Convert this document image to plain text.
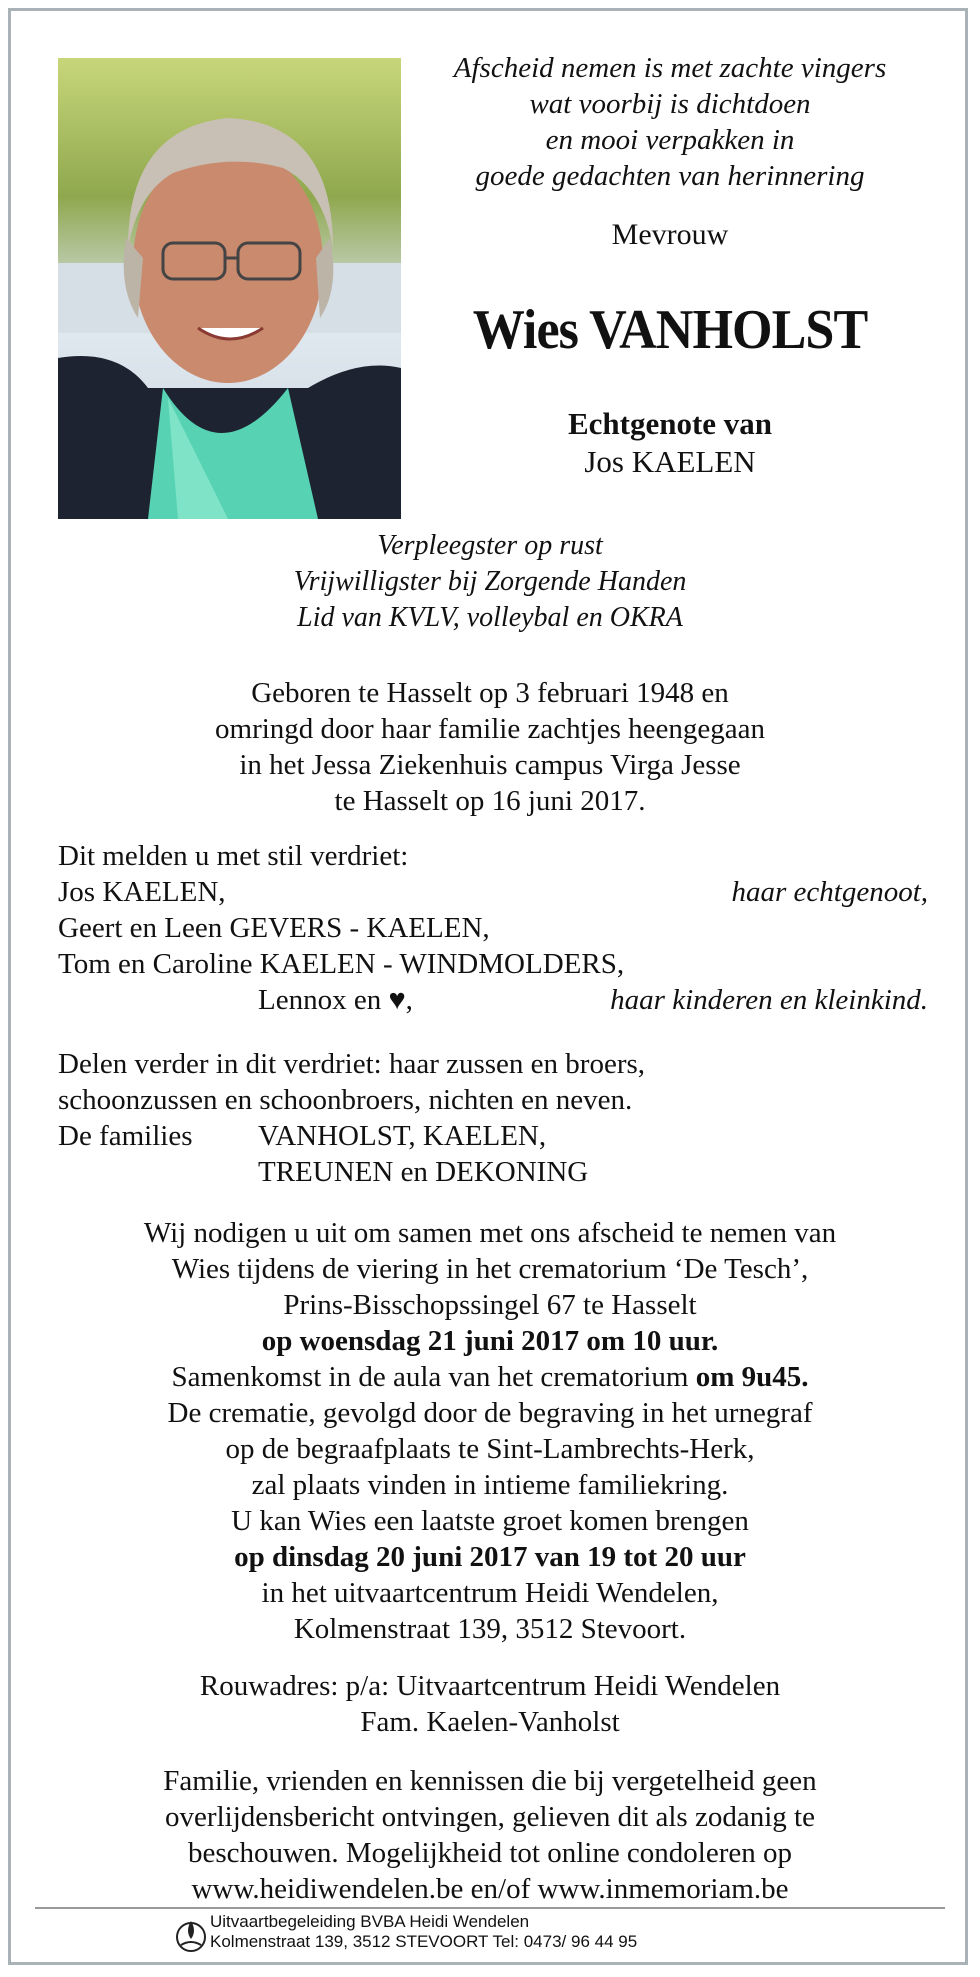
Afscheid nemen is met zachte vingers
wat voorbij is dichtdoen
en mooi verpakken in
goede gedachten van herinnering
Mevrouw
Wies VANHOLST
Echtgenote van
Jos KAELEN
Verpleegster op rust
Vrijwilligster bij Zorgende Handen
Lid van KVLV, volleybal en OKRA
Geboren te Hasselt op 3 februari 1948 en
omringd door haar familie zachtjes heengegaan
in het Jessa Ziekenhuis campus Virga Jesse
te Hasselt op 16 juni 2017.
Dit melden u met stil verdriet:
Jos KAELEN,	haar echtgenoot,
Geert en Leen GEVERS - KAELEN,
Tom en Caroline KAELEN - WINDMOLDERS,
Lennox en ♥,	haar kinderen en kleinkind.
Delen verder in dit verdriet: haar zussen en broers,
schoonzussen en schoonbroers, nichten en neven.
De families VANHOLST, KAELEN,
TREUNEN en DEKONING
Wij nodigen u uit om samen met ons afscheid te nemen van
Wies tijdens de viering in het crematorium ‘De Tesch’,
Prins-Bisschopssingel 67 te Hasselt
op woensdag 21 juni 2017 om 10 uur.
Samenkomst in de aula van het crematorium om 9u45.
De crematie, gevolgd door de begraving in het urnegraf
op de begraafplaats te Sint-Lambrechts-Herk,
zal plaats vinden in intieme familiekring.
U kan Wies een laatste groet komen brengen
op dinsdag 20 juni 2017 van 19 tot 20 uur
in het uitvaartcentrum Heidi Wendelen,
Kolmenstraat 139, 3512 Stevoort.
Rouwadres: p/a: Uitvaartcentrum Heidi Wendelen
Fam. Kaelen-Vanholst
Familie, vrienden en kennissen die bij vergetelheid geen
overlijdensbericht ontvingen, gelieven dit als zodanig te
beschouwen. Mogelijkheid tot online condoleren op
www.heidiwendelen.be en/of www.inmemoriam.be
Uitvaartbegeleiding BVBA Heidi Wendelen
Kolmenstraat 139, 3512 STEVOORT Tel: 0473/ 96 44 95
